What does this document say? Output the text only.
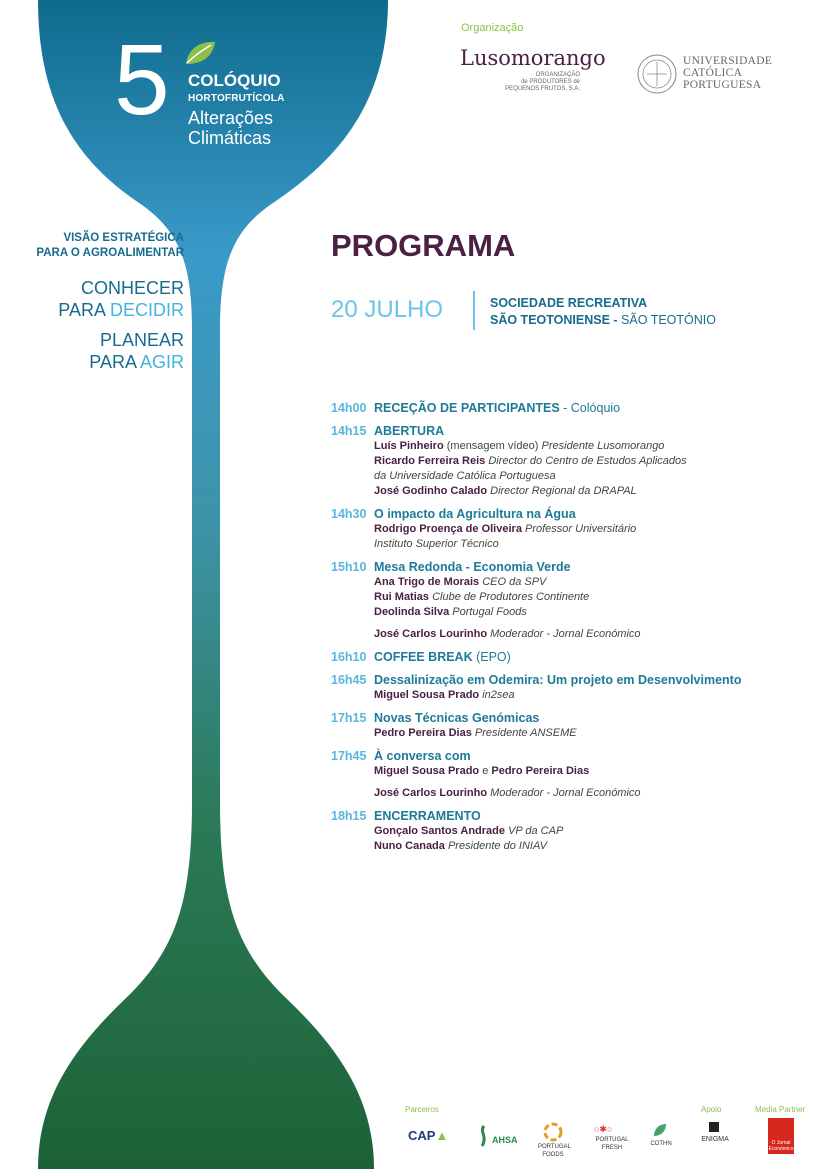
5 COLÓQUIO
HORTOFRUTÍCOLA
Alterações
Climáticas
Organização
Lusomorango
ORGANIZAÇÃO
de PRODUTORES de
PEQUENOS FRUTOS, S.A.
UNIVERSIDADE
CATÓLICA
PORTUGUESA
VISÃO ESTRATÉGICA
PARA O AGROALIMENTAR
CONHECER
PARA DECIDIR
PLANEAR
PARA AGIR
PROGRAMA
20 JULHO	SOCIEDADE RECREATIVA
SÃO TEOTONIENSE - SÃO TEOTÓNIO
14h00 RECEÇÃO DE PARTICIPANTES - Colóquio
14h15 ABERTURA
Luís Pinheiro (mensagem vídeo) Presidente Lusomorango
Ricardo Ferreira Reis Director do Centro de Estudos Aplicados
da Universidade Católica Portuguesa
José Godinho Calado Director Regional da DRAPAL
14h30 O impacto da Agricultura na Água
Rodrigo Proença de Oliveira Professor Universitário
Instituto Superior Técnico
15h10 Mesa Redonda - Economia Verde
Ana Trigo de Morais CEO da SPV
Rui Matias Clube de Produtores Continente
Deolinda Silva Portugal Foods
José Carlos Lourinho Moderador - Jornal Económico
16h10 COFFEE BREAK (EPO)
16h45 Dessalinização em Odemira: Um projeto em Desenvolvimento
Miguel Sousa Prado in2sea
17h15 Novas Técnicas Genómicas
Pedro Pereira Dias Presidente ANSEME
17h45 À conversa com
Miguel Sousa Prado e Pedro Pereira Dias
José Carlos Lourinho Moderador - Jornal Económico
18h15 ENCERRAMENTO
Gonçalo Santos Andrade VP da CAP
Nuno Canada Presidente do INIAV
Parceiros	Apoio	Media Partner
CAP▲	AHSA
PORTUGAL FOODS
○✱○
PORTUGAL FRESH
COTHN
ENIGMA	O Jornal Económico
